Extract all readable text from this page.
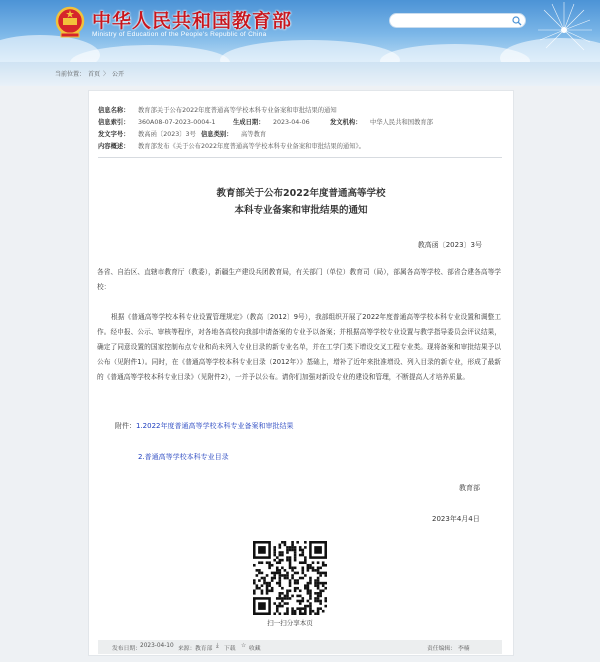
中华人民共和国教育部
Ministry of Education of the People's Republic of China
当前位置： 首页 〉 公开
信息名称： 教育部关于公布2022年度普通高等学校本科专业备案和审批结果的通知
信息索引： 360A08-07-2023-0004-1	生成日期： 2023-04-06	发文机构： 中华人民共和国教育部
发文字号： 教高函〔2023〕3号 信息类别： 高等教育
内容概述： 教育部发布《关于公布2022年度普通高等学校本科专业备案和审批结果的通知》。
教育部关于公布2022年度普通高等学校
本科专业备案和审批结果的通知
教高函〔2023〕3号
各省、自治区、直辖市教育厅（教委），新疆生产建设兵团教育局，有关部门（单位）教育司（局），部属各高等学校、部省合建各高等学校：
根据《普通高等学校本科专业设置管理规定》（教高〔2012〕9号），我部组织开展了2022年度普通高等学校本科专业设置和调整工作。经申报、公示、审核等程序，对各地各高校向我部申请备案的专业予以备案；并根据高等学校专业设置与教学指导委员会评议结果，确定了同意设置的国家控制布点专业和尚未列入专业目录的新专业名单，并在工学门类下增设交叉工程专业类。现将备案和审批结果予以公布（见附件1）。同时，在《普通高等学校本科专业目录（2012年）》基础上，增补了近年来批准增设、列入目录的新专业，形成了最新的《普通高等学校本科专业目录》（见附件2），一并予以公布。请你们加强对新设专业的建设和管理，不断提高人才培养质量。
附件：1.2022年度普通高等学校本科专业备案和审批结果
2.普通高等学校本科专业目录
教育部
2023年4月4日
扫一扫分享本页
发布日期： 2023-04-10 来源： 教育部 ⤓ 下载 ☆ 收藏	责任编辑： 李楠
